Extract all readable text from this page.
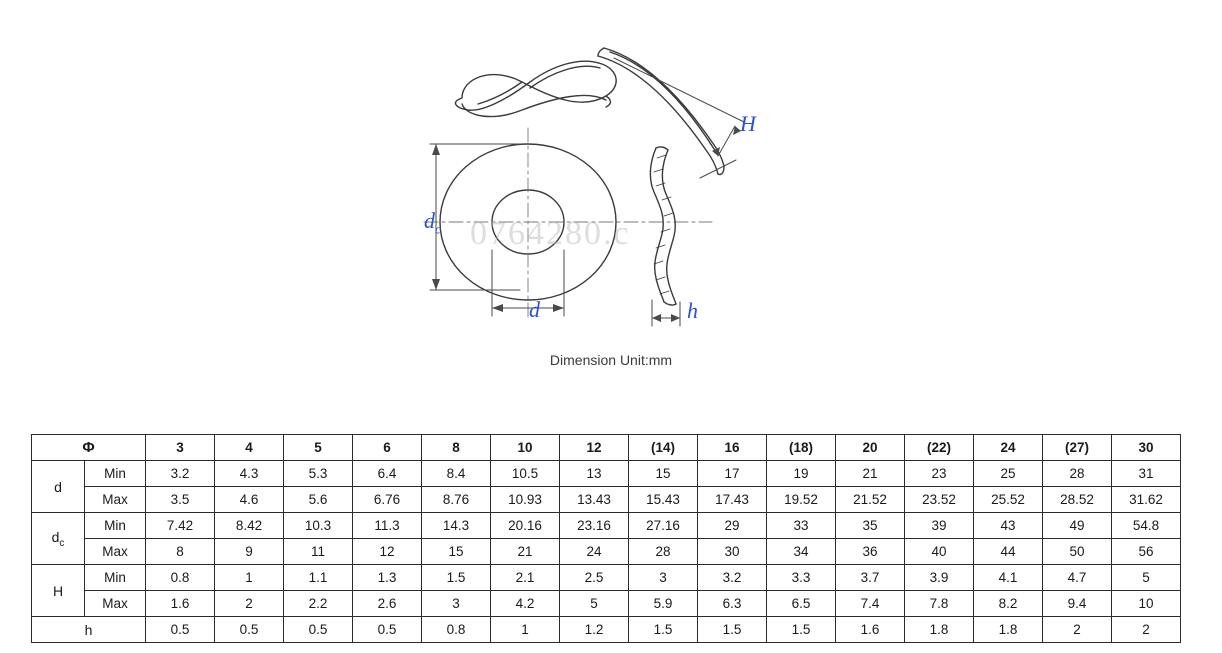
$d_c$
d
H
h
0764280.c
Dimension Unit:mm
Φ		3	4	5	6	8	10	12	(14)	16	(18)	20	(22)	24	(27)	30
d	Min	3.2	4.3	5.3	6.4	8.4	10.5	13	15	17	19	21	23	25	28	31
	Max	3.5	4.6	5.6	6.76	8.76	10.93	13.43	15.43	17.43	19.52	21.52	23.52	25.52	28.52	31.62
$d_c$	Min	7.42	8.42	10.3	11.3	14.3	20.16	23.16	27.16	29	33	35	39	43	49	54.8
	Max	8	9	11	12	15	21	24	28	30	34	36	40	44	50	56
H	Min	0.8	1	1.1	1.3	1.5	2.1	2.5	3	3.2	3.3	3.7	3.9	4.1	4.7	5
	Max	1.6	2	2.2	2.6	3	4.2	5	5.9	6.3	6.5	7.4	7.8	8.2	9.4	10
h		0.5	0.5	0.5	0.5	0.8	1	1.2	1.5	1.5	1.5	1.6	1.8	1.8	2	2
